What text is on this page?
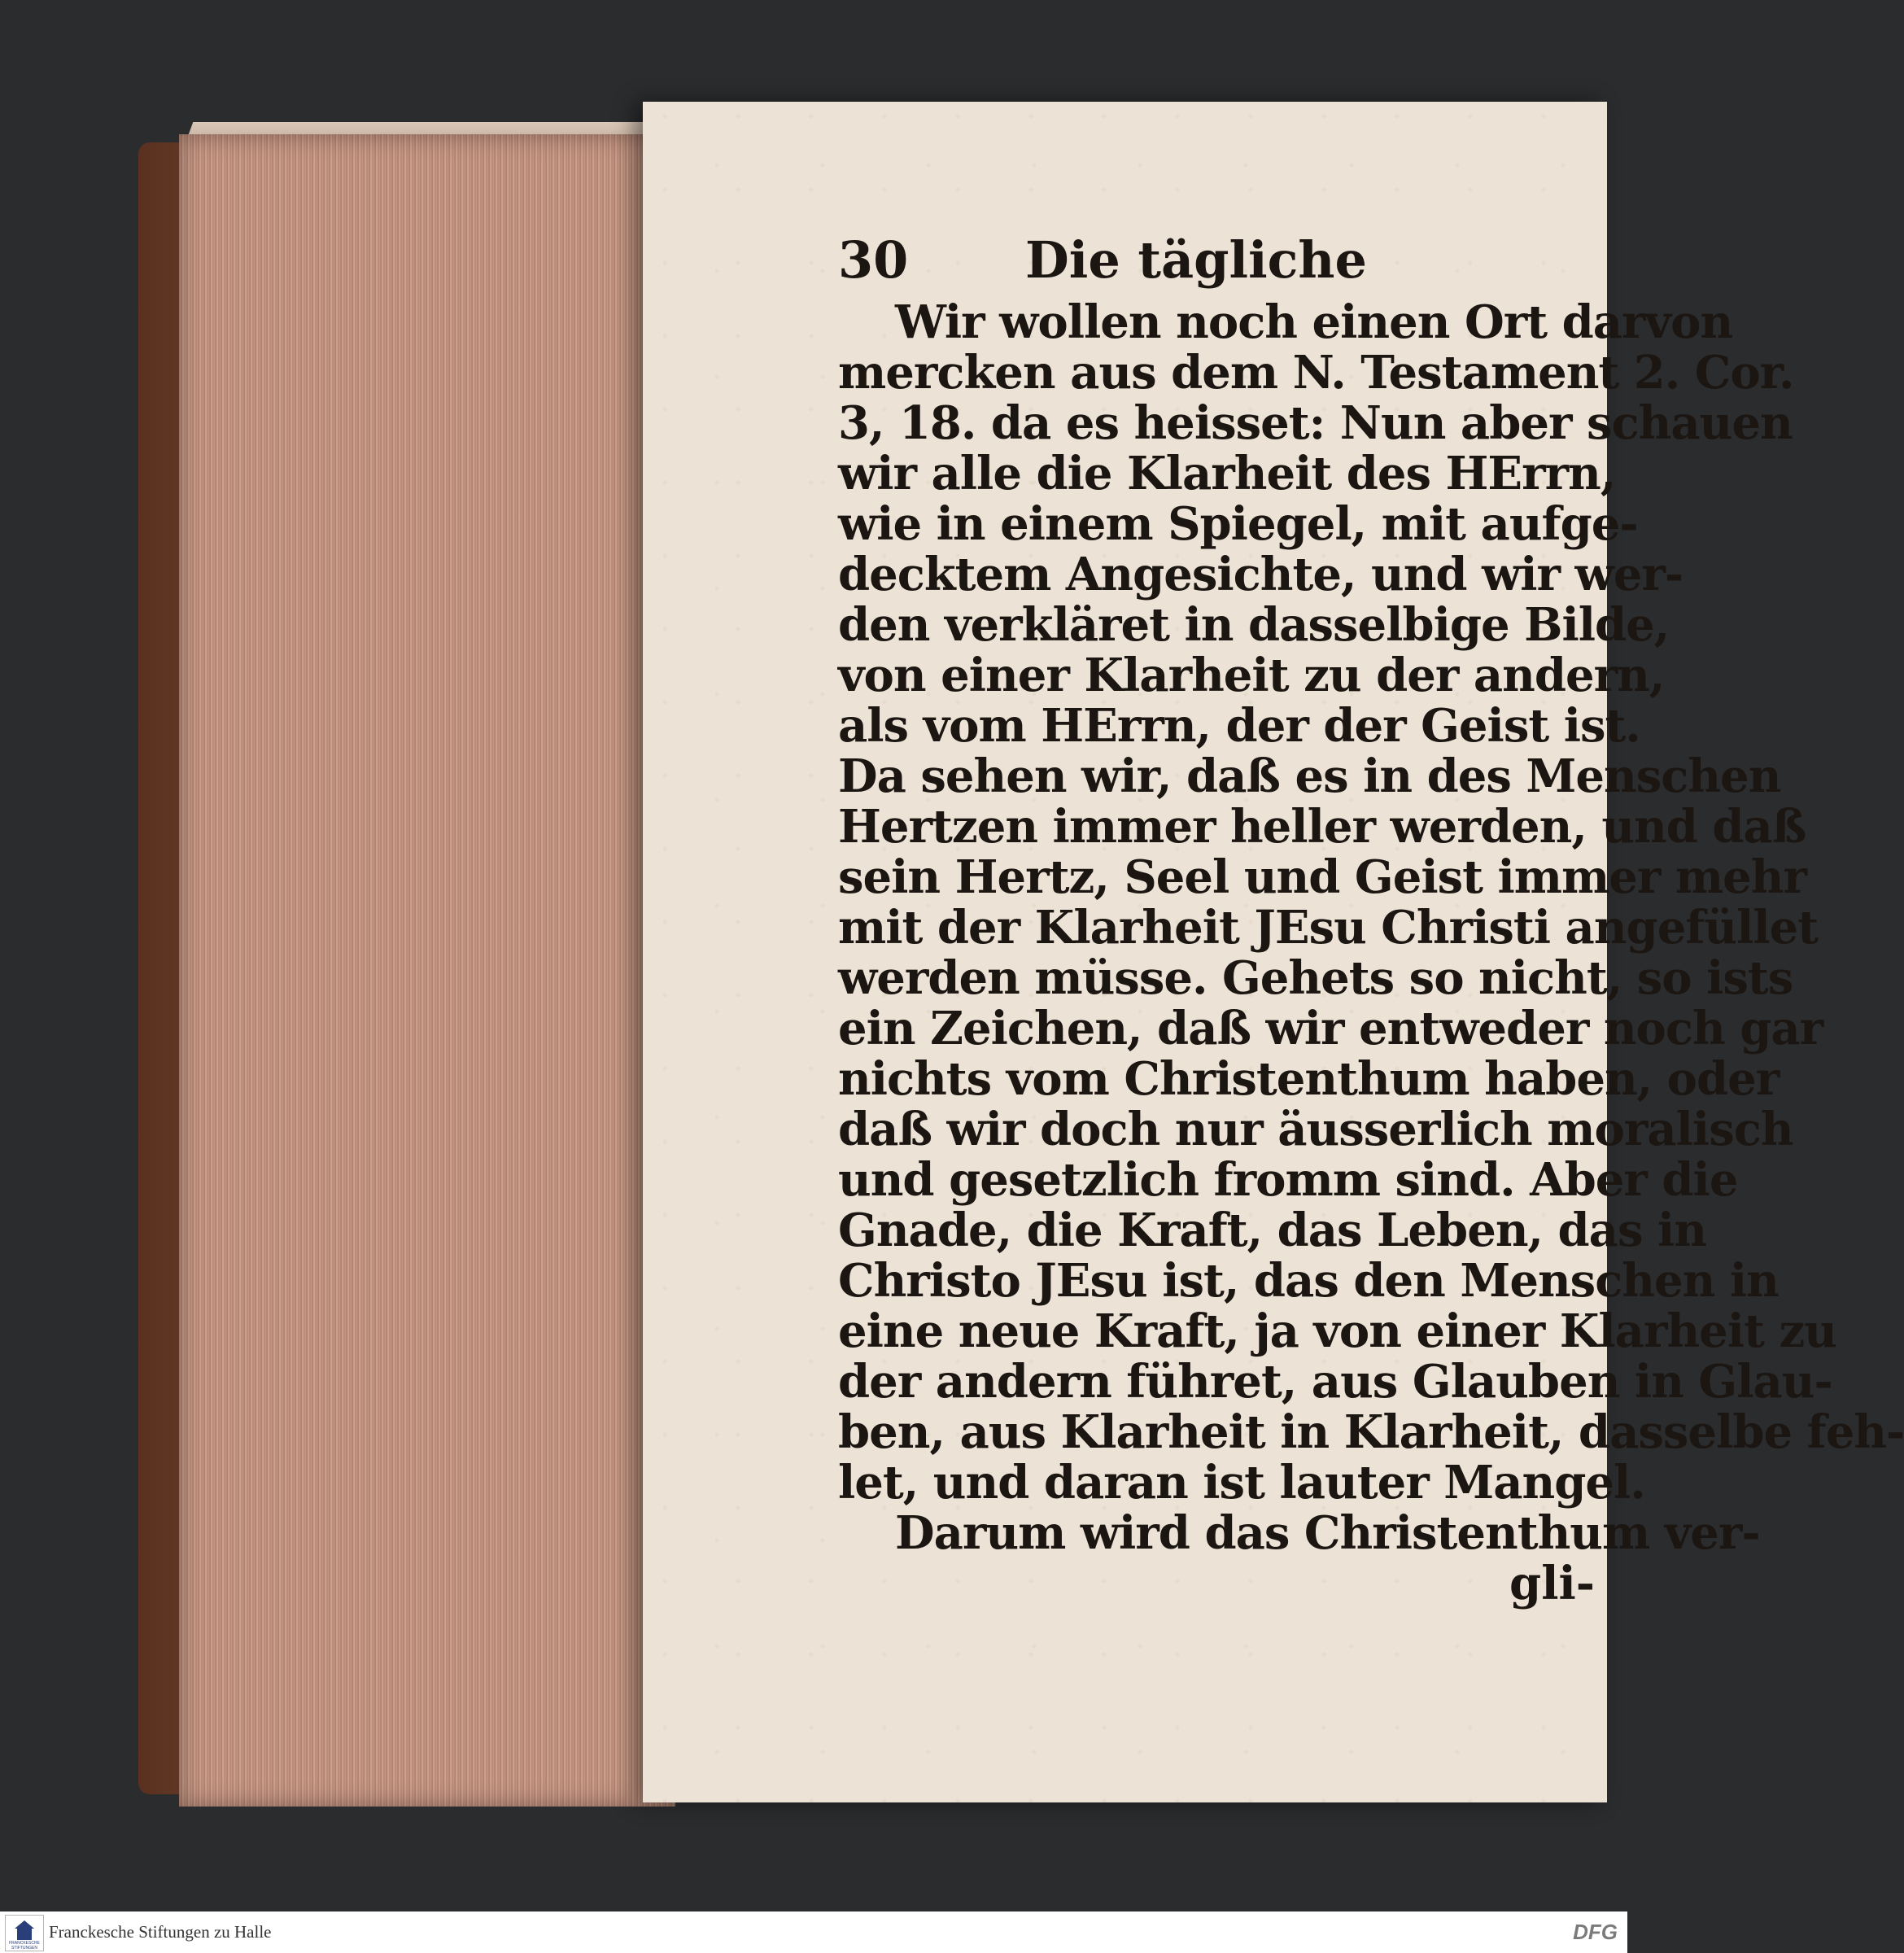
30 Die tägliche
Wir wollen noch einen Ort darvon
mercken aus dem N. Testament 2. Cor.
3, 18. da es heisset: Nun aber schauen
wir alle die Klarheit des HErrn,
wie in einem Spiegel, mit aufge-
decktem Angesichte, und wir wer-
den verkläret in dasselbige Bilde,
von einer Klarheit zu der andern,
als vom HErrn, der der Geist ist.
Da sehen wir, daß es in des Menschen
Hertzen immer heller werden, und daß
sein Hertz, Seel und Geist immer mehr
mit der Klarheit JEsu Christi angefüllet
werden müsse. Gehets so nicht, so ists
ein Zeichen, daß wir entweder noch gar
nichts vom Christenthum haben, oder
daß wir doch nur äusserlich moralisch
und gesetzlich fromm sind. Aber die
Gnade, die Kraft, das Leben, das in
Christo JEsu ist, das den Menschen in
eine neue Kraft, ja von einer Klarheit zu
der andern führet, aus Glauben in Glau-
ben, aus Klarheit in Klarheit, dasselbe feh-
let, und daran ist lauter Mangel.
Darum wird das Christenthum ver-
gli-
FRANCKESCHE STIFTUNGEN
Franckesche Stiftungen zu Halle	DFG
